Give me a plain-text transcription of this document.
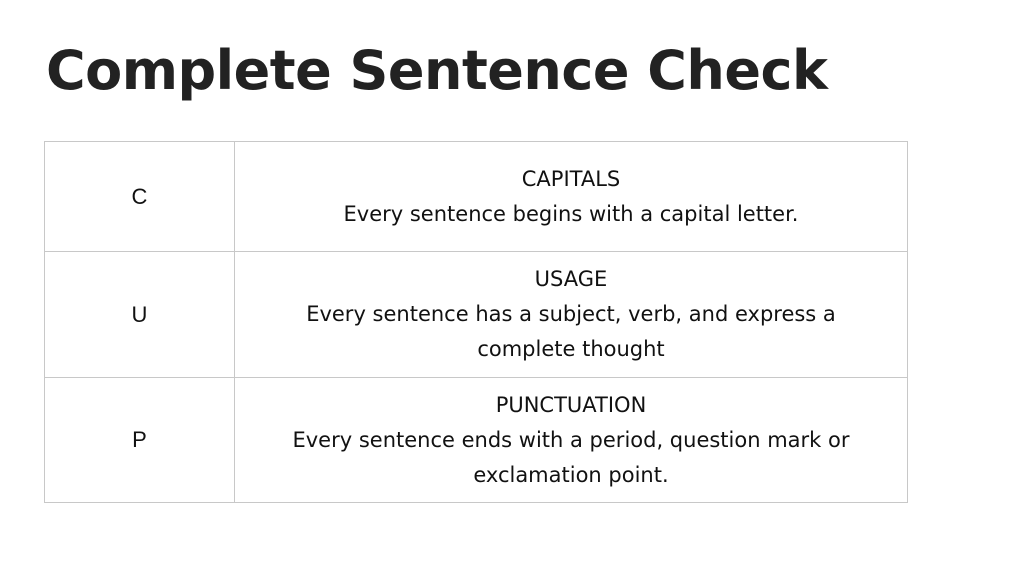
Complete Sentence Check
C	CAPITALS
Every sentence begins with a capital letter.

U	USAGE
Every sentence has a subject, verb, and express a complete thought

P	PUNCTUATION
Every sentence ends with a period, question mark or exclamation point.
